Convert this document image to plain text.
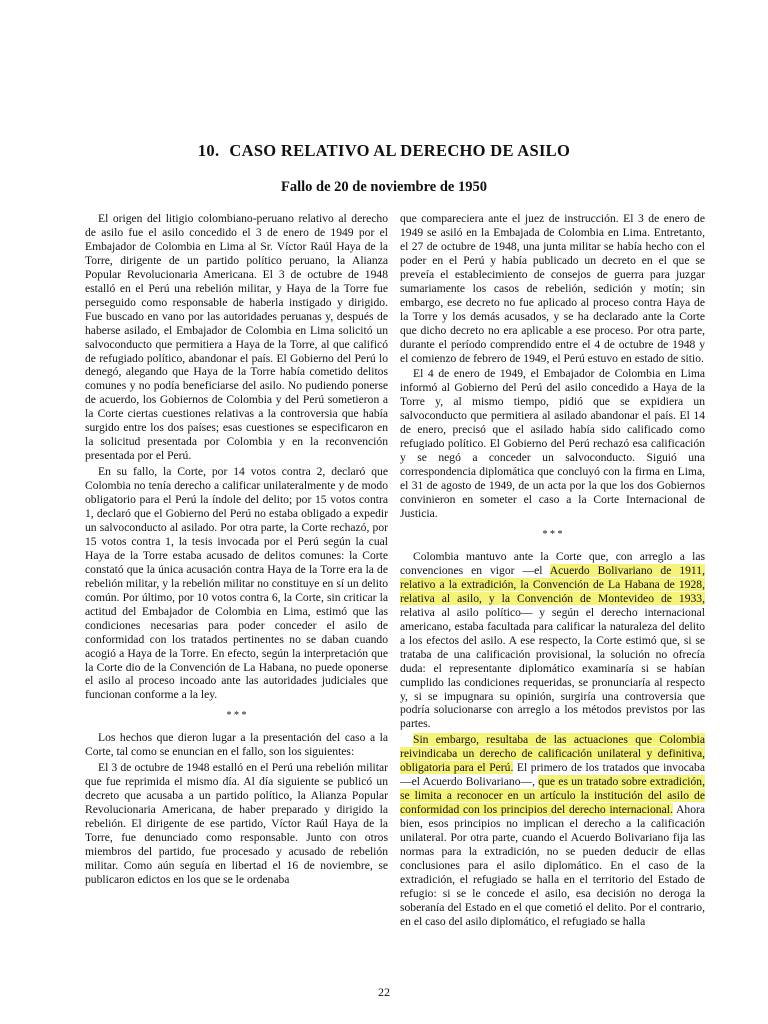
10. CASO RELATIVO AL DERECHO DE ASILO
Fallo de 20 de noviembre de 1950

El origen del litigio colombiano-peruano relativo al derecho de asilo fue el asilo concedido el 3 de enero de 1949 por el Embajador de Colombia en Lima al Sr. Víctor Raúl Haya de la Torre, dirigente de un partido político peruano, la Alianza Popular Revolucionaria Americana. El 3 de octubre de 1948 estalló en el Perú una rebelión militar, y Haya de la Torre fue perseguido como responsable de haberla instigado y dirigido. Fue buscado en vano por las autoridades peruanas y, después de haberse asilado, el Embajador de Colombia en Lima solicitó un salvoconducto que permitiera a Haya de la Torre, al que calificó de refugiado político, abandonar el país. El Gobierno del Perú lo denegó, alegando que Haya de la Torre había cometido delitos comunes y no podía beneficiarse del asilo. No pudiendo ponerse de acuerdo, los Gobiernos de Colombia y del Perú sometieron a la Corte ciertas cuestiones relativas a la controversia que había surgido entre los dos países; esas cuestiones se especificaron en la solicitud presentada por Colombia y en la reconvención presentada por el Perú.

En su fallo, la Corte, por 14 votos contra 2, declaró que Colombia no tenía derecho a calificar unilateralmente y de modo obligatorio para el Perú la índole del delito; por 15 votos contra 1, declaró que el Gobierno del Perú no estaba obligado a expedir un salvoconducto al asilado. Por otra parte, la Corte rechazó, por 15 votos contra 1, la tesis invocada por el Perú según la cual Haya de la Torre estaba acusado de delitos comunes: la Corte constató que la única acusación contra Haya de la Torre era la de rebelión militar, y la rebelión militar no constituye en sí un delito común. Por último, por 10 votos contra 6, la Corte, sin criticar la actitud del Embajador de Colombia en Lima, estimó que las condiciones necesarias para poder conceder el asilo de conformidad con los tratados pertinentes no se daban cuando acogió a Haya de la Torre. En efecto, según la interpretación que la Corte dio de la Convención de La Habana, no puede oponerse el asilo al proceso incoado ante las autoridades judiciales que funcionan conforme a la ley.

* * *

Los hechos que dieron lugar a la presentación del caso a la Corte, tal como se enuncian en el fallo, son los siguientes:

El 3 de octubre de 1948 estalló en el Perú una rebelión militar que fue reprimida el mismo día. Al día siguiente se publicó un decreto que acusaba a un partido político, la Alianza Popular Revolucionaria Americana, de haber preparado y dirigido la rebelión. El dirigente de ese partido, Víctor Raúl Haya de la Torre, fue denunciado como responsable. Junto con otros miembros del partido, fue procesado y acusado de rebelión militar. Como aún seguía en libertad el 16 de noviembre, se publicaron edictos en los que se le ordenaba

que compareciera ante el juez de instrucción. El 3 de enero de 1949 se asiló en la Embajada de Colombia en Lima. Entretanto, el 27 de octubre de 1948, una junta militar se había hecho con el poder en el Perú y había publicado un decreto en el que se preveía el establecimiento de consejos de guerra para juzgar sumariamente los casos de rebelión, sedición y motín; sin embargo, ese decreto no fue aplicado al proceso contra Haya de la Torre y los demás acusados, y se ha declarado ante la Corte que dicho decreto no era aplicable a ese proceso. Por otra parte, durante el período comprendido entre el 4 de octubre de 1948 y el comienzo de febrero de 1949, el Perú estuvo en estado de sitio.

El 4 de enero de 1949, el Embajador de Colombia en Lima informó al Gobierno del Perú del asilo concedido a Haya de la Torre y, al mismo tiempo, pidió que se expidiera un salvoconducto que permitiera al asilado abandonar el país. El 14 de enero, precisó que el asilado había sido calificado como refugiado político. El Gobierno del Perú rechazó esa calificación y se negó a conceder un salvoconducto. Siguió una correspondencia diplomática que concluyó con la firma en Lima, el 31 de agosto de 1949, de un acta por la que los dos Gobiernos convinieron en someter el caso a la Corte Internacional de Justicia.

* * *

Colombia mantuvo ante la Corte que, con arreglo a las convenciones en vigor —el Acuerdo Bolivariano de 1911, relativo a la extradición, la Convención de La Habana de 1928, relativa al asilo, y la Convención de Montevideo de 1933, relativa al asilo político— y según el derecho internacional americano, estaba facultada para calificar la naturaleza del delito a los efectos del asilo. A ese respecto, la Corte estimó que, si se trataba de una calificación provisional, la solución no ofrecía duda: el representante diplomático examinaría si se habían cumplido las condiciones requeridas, se pronunciaría al respecto y, si se impugnara su opinión, surgiría una controversia que podría solucionarse con arreglo a los métodos previstos por las partes.

Sin embargo, resultaba de las actuaciones que Colombia reivindicaba un derecho de calificación unilateral y definitiva, obligatoria para el Perú. El primero de los tratados que invocaba —el Acuerdo Bolivariano—, que es un tratado sobre extradición, se limita a reconocer en un artículo la institución del asilo de conformidad con los principios del derecho internacional. Ahora bien, esos principios no implican el derecho a la calificación unilateral. Por otra parte, cuando el Acuerdo Bolivariano fija las normas para la extradición, no se pueden deducir de ellas conclusiones para el asilo diplomático. En el caso de la extradición, el refugiado se halla en el territorio del Estado de refugio: si se le concede el asilo, esa decisión no deroga la soberanía del Estado en el que cometió el delito. Por el contrario, en el caso del asilo diplomático, el refugiado se halla

22
